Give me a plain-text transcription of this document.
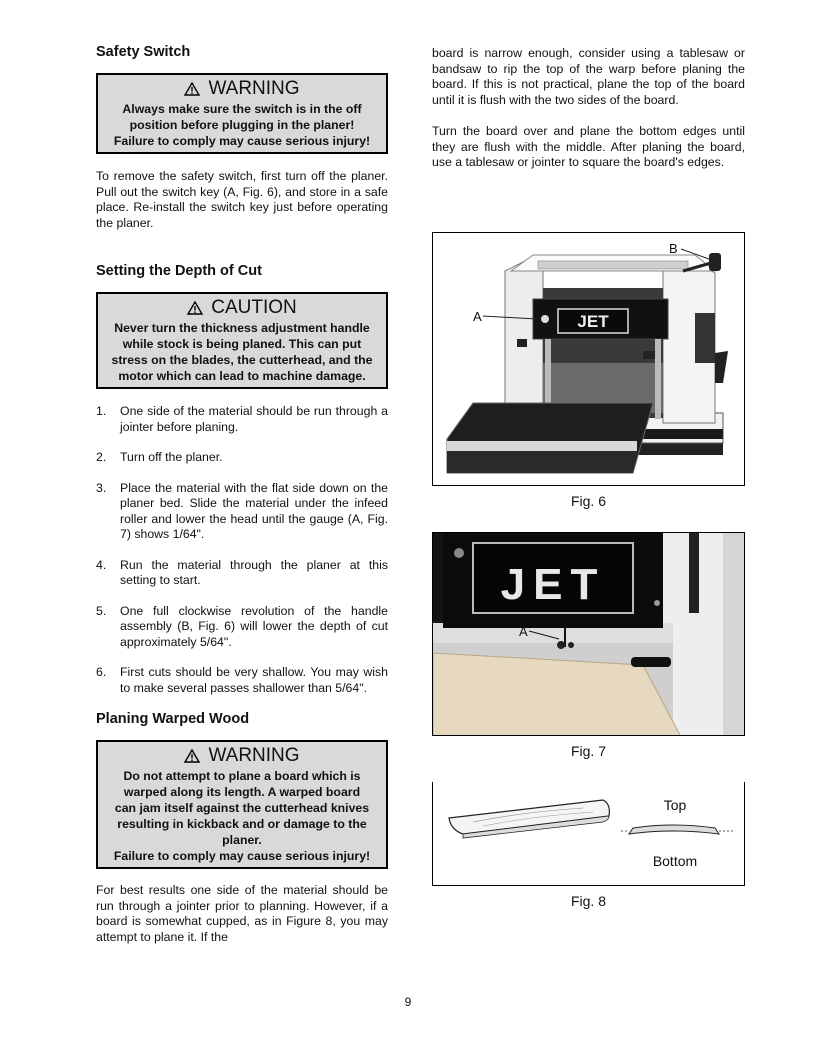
Safety Switch
WARNING
Always make sure the switch is in the off
position before plugging in the planer!
Failure to comply may cause serious injury!

To remove the safety switch, first turn off the planer. Pull out the switch key (A, Fig. 6), and store in a safe place. Re-install the switch key just before operating the planer.

Setting the Depth of Cut
CAUTION
Never turn the thickness adjustment handle
while stock is being planed. This can put
stress on the blades, the cutterhead, and the
motor which can lead to machine damage.
1.	One side of the material should be run through a jointer before planing.
2.	Turn off the planer.
3.	Place the material with the flat side down on the planer bed. Slide the material under the infeed roller and lower the head until the gauge (A, Fig. 7) shows 1/64".
4.	Run the material through the planer at this setting to start.
5.	One full clockwise revolution of the handle assembly (B, Fig. 6) will lower the depth of cut approximately 5/64".
6.	First cuts should be very shallow. You may wish to make several passes shallower than 5/64".
Planing Warped Wood
WARNING
Do not attempt to plane a board which is
warped along its length. A warped board
can jam itself against the cutterhead knives
resulting in kickback and or damage to the
planer.
Failure to comply may cause serious injury!

For best results one side of the material should be run through a jointer prior to planning. However, if a board is somewhat cupped, as in Figure 8, you may attempt to plane it. If the

board is narrow enough, consider using a tablesaw or bandsaw to rip the top of the warp before planing the board. If this is not practical, plane the top of the board until it is flush with the two sides of the board.

Turn the board over and plane the bottom edges until they are flush with the middle. After planing the board, use a tablesaw or jointer to square the board's edges.

JET
A
B
Fig. 6
JET
A
Fig. 7
Top
Bottom
Fig. 8
9
